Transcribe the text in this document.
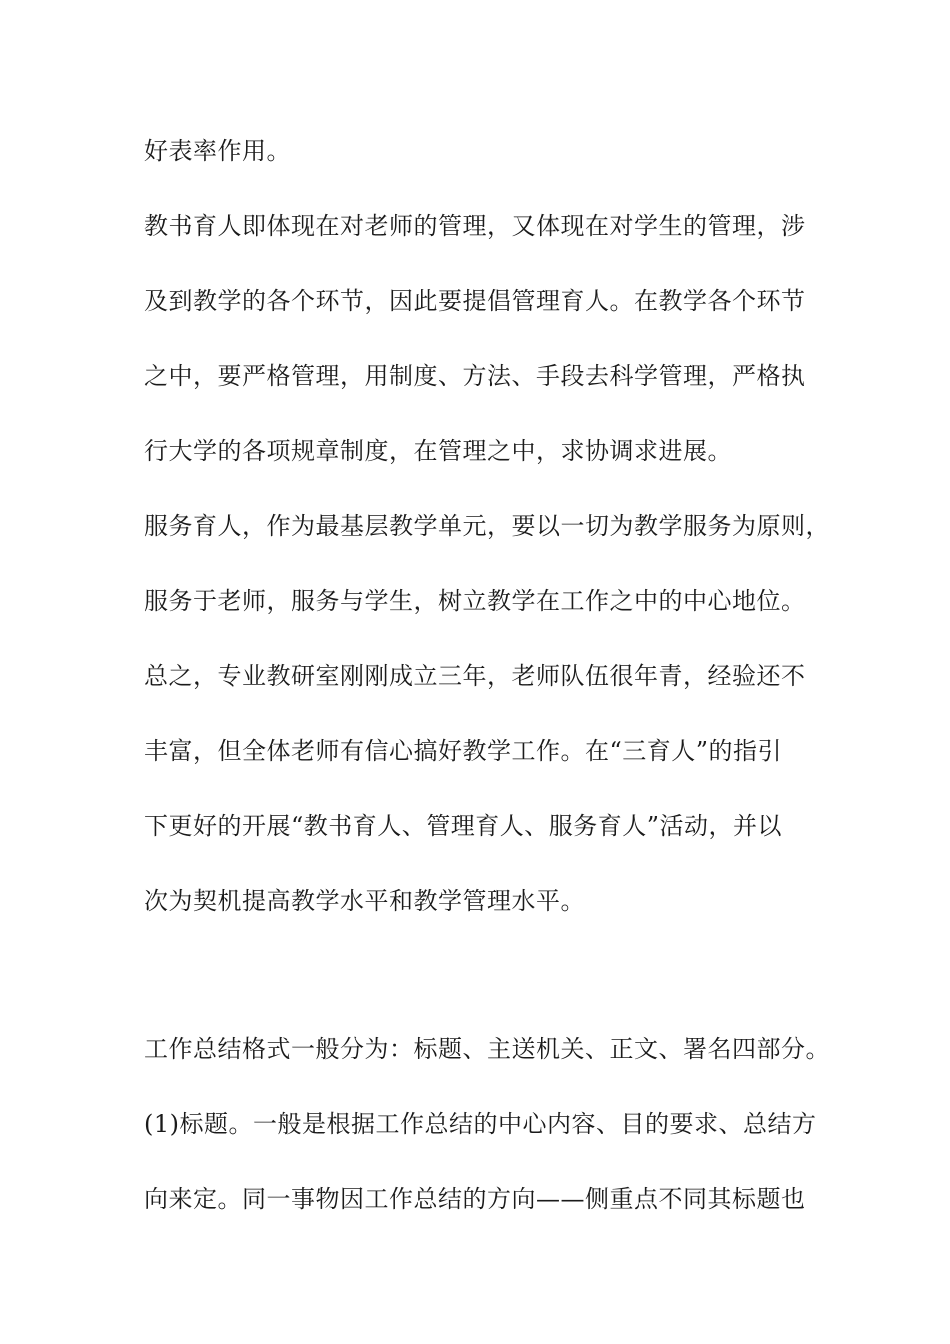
好表率作用。
教书育人即体现在对老师的管理，又体现在对学生的管理，涉
及到教学的各个环节，因此要提倡管理育人。在教学各个环节
之中，要严格管理，用制度、方法、手段去科学管理，严格执
行大学的各项规章制度，在管理之中，求协调求进展。
服务育人，作为最基层教学单元，要以一切为教学服务为原则，
服务于老师，服务与学生，树立教学在工作之中的中心地位。
总之，专业教研室刚刚成立三年，老师队伍很年青，经验还不
丰富，但全体老师有信心搞好教学工作。在“三育人”的指引
下更好的开展“教书育人、管理育人、服务育人”活动，并以
次为契机提高教学水平和教学管理水平。
工作总结格式一般分为：标题、主送机关、正文、署名四部分。
(1)标题。一般是根据工作总结的中心内容、目的要求、总结方
向来定。同一事物因工作总结的方向——侧重点不同其标题也
